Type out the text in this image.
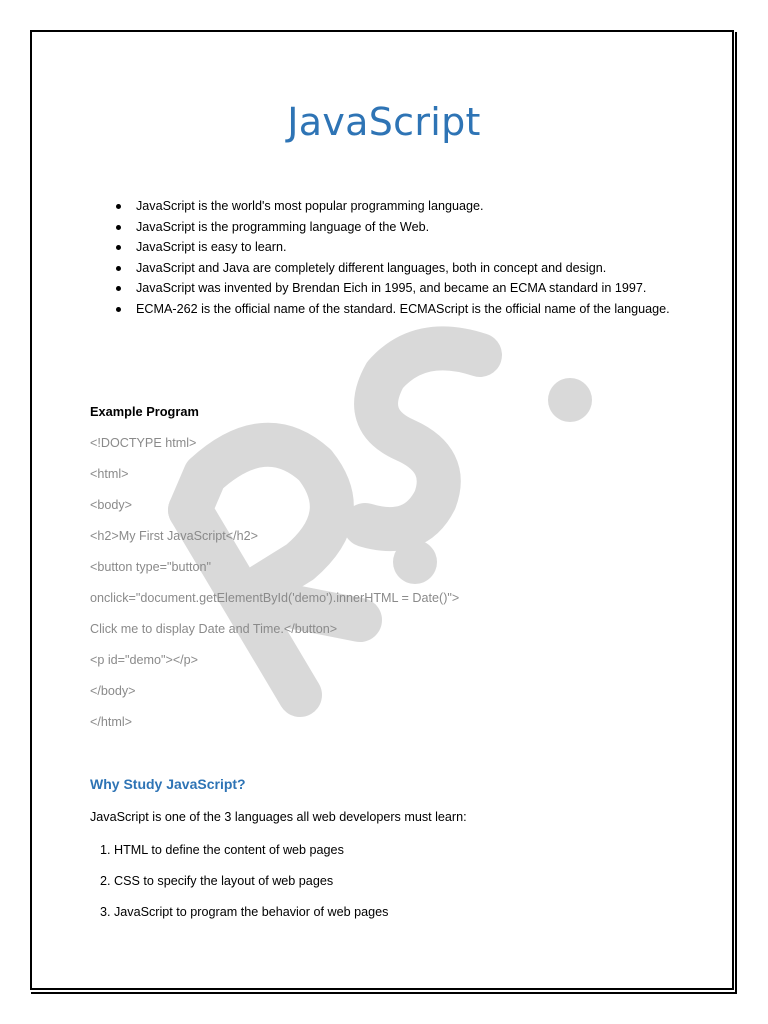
JavaScript
JavaScript is the world's most popular programming language.
JavaScript is the programming language of the Web.
JavaScript is easy to learn.
JavaScript and Java are completely different languages, both in concept and design.
JavaScript was invented by Brendan Eich in 1995, and became an ECMA standard in 1997.
ECMA-262 is the official name of the standard. ECMAScript is the official name of the language.
Example Program
<!DOCTYPE html>
<html>
<body>
<h2>My First JavaScript</h2>
<button type="button"
onclick="document.getElementById('demo').innerHTML = Date()">
Click me to display Date and Time.</button>
<p id="demo"></p>
</body>
</html>
Why Study JavaScript?

JavaScript is one of the 3 languages all web developers must learn:

1. HTML to define the content of web pages
2. CSS to specify the layout of web pages
3. JavaScript to program the behavior of web pages
